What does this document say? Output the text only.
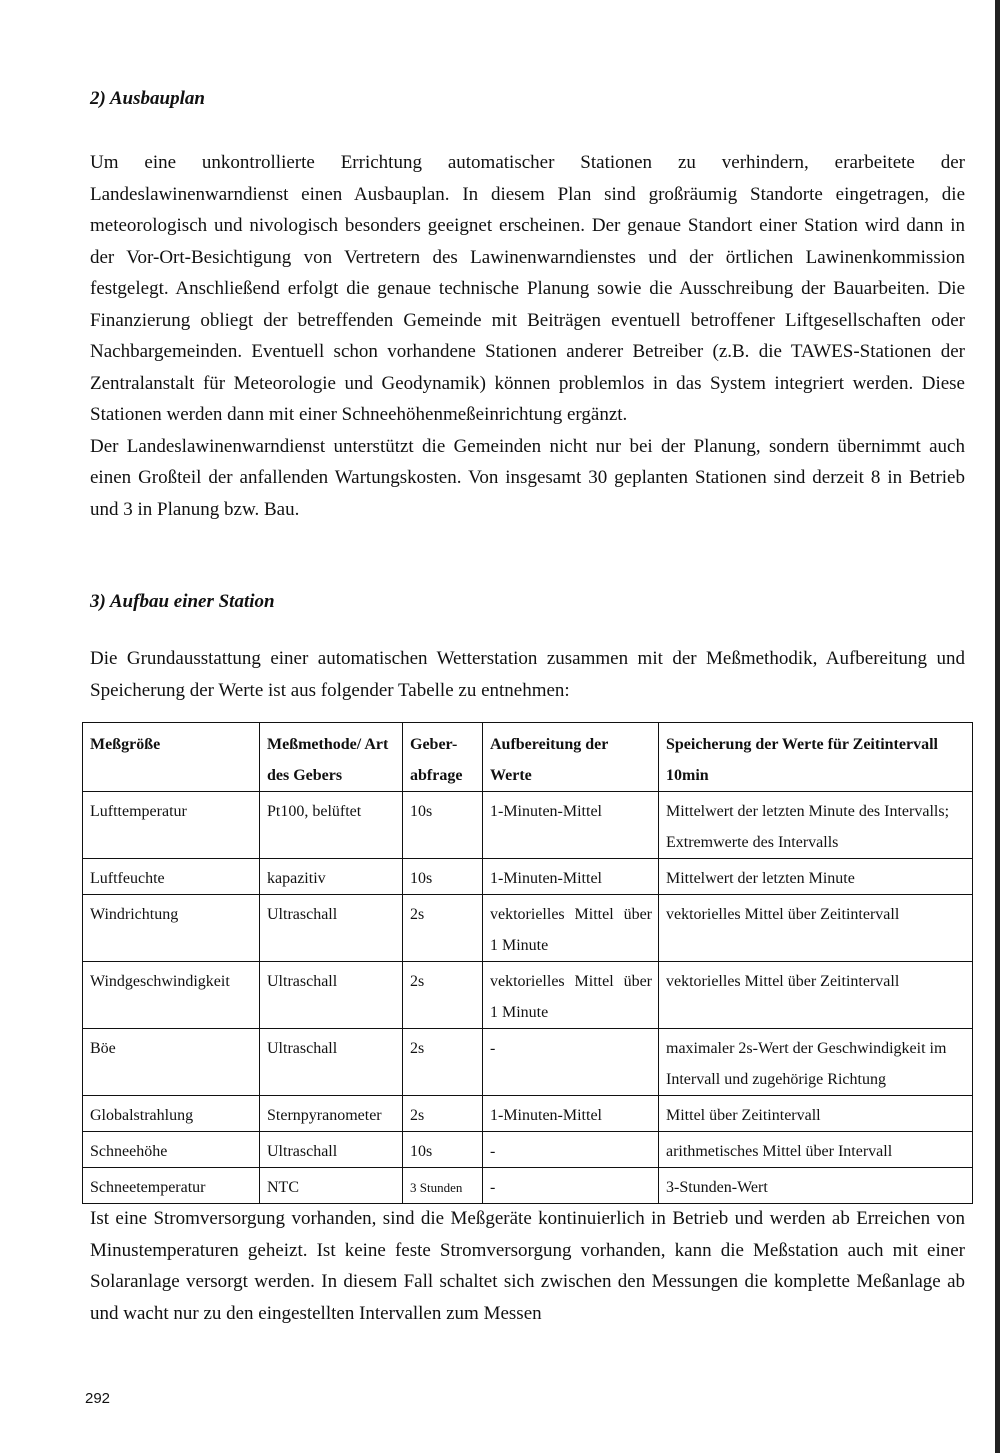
2) Ausbauplan

Um eine unkontrollierte Errichtung automatischer Stationen zu verhindern, erarbeitete der Landeslawinenwarndienst einen Ausbauplan. In diesem Plan sind großräumig Standorte eingetragen, die meteorologisch und nivologisch besonders geeignet erscheinen. Der genaue Standort einer Station wird dann in der Vor-Ort-Besichtigung von Vertretern des Lawinenwarndienstes und der örtlichen Lawinenkommission festgelegt. Anschließend erfolgt die genaue technische Planung sowie die Ausschreibung der Bauarbeiten. Die Finanzierung obliegt der betreffenden Gemeinde mit Beiträgen eventuell betroffener Liftgesellschaften oder Nachbargemeinden. Eventuell schon vorhandene Stationen anderer Betreiber (z.B. die TAWES-Stationen der Zentralanstalt für Meteorologie und Geodynamik) können problemlos in das System integriert werden. Diese Stationen werden dann mit einer Schneehöhenmeßeinrichtung ergänzt.

Der Landeslawinenwarndienst unterstützt die Gemeinden nicht nur bei der Planung, sondern übernimmt auch einen Großteil der anfallenden Wartungskosten. Von insgesamt 30 geplanten Stationen sind derzeit 8 in Betrieb und 3 in Planung bzw. Bau.

3) Aufbau einer Station

Die Grundausstattung einer automatischen Wetterstation zusammen mit der Meßmethodik, Aufbereitung und Speicherung der Werte ist aus folgender Tabelle zu entnehmen:

Meßgröße	Meßmethode/ Art des Gebers	Geber- abfrage	Aufbereitung der Werte	Speicherung der Werte für Zeitintervall 10min
Lufttemperatur	Pt100, belüftet	10s	1-Minuten-Mittel	Mittelwert der letzten Minute des Intervalls; Extremwerte des Intervalls
Luftfeuchte	kapazitiv	10s	1-Minuten-Mittel	Mittelwert der letzten Minute
Windrichtung	Ultraschall	2s	vektorielles Mittel über 1 Minute	vektorielles Mittel über Zeitintervall
Windgeschwindigkeit	Ultraschall	2s	vektorielles Mittel über 1 Minute	vektorielles Mittel über Zeitintervall
Böe	Ultraschall	2s	-	maximaler 2s-Wert der Geschwindigkeit im Intervall und zugehörige Richtung
Globalstrahlung	Sternpyranometer	2s	1-Minuten-Mittel	Mittel über Zeitintervall
Schneehöhe	Ultraschall	10s	-	arithmetisches Mittel über Intervall
Schneetemperatur	NTC	3 Stunden	-	3-Stunden-Wert

Ist eine Stromversorgung vorhanden, sind die Meßgeräte kontinuierlich in Betrieb und werden ab Erreichen von Minustemperaturen geheizt. Ist keine feste Stromversorgung vorhanden, kann die Meßstation auch mit einer Solaranlage versorgt werden. In diesem Fall schaltet sich zwischen den Messungen die komplette Meßanlage ab und wacht nur zu den eingestellten Intervallen zum Messen

292
